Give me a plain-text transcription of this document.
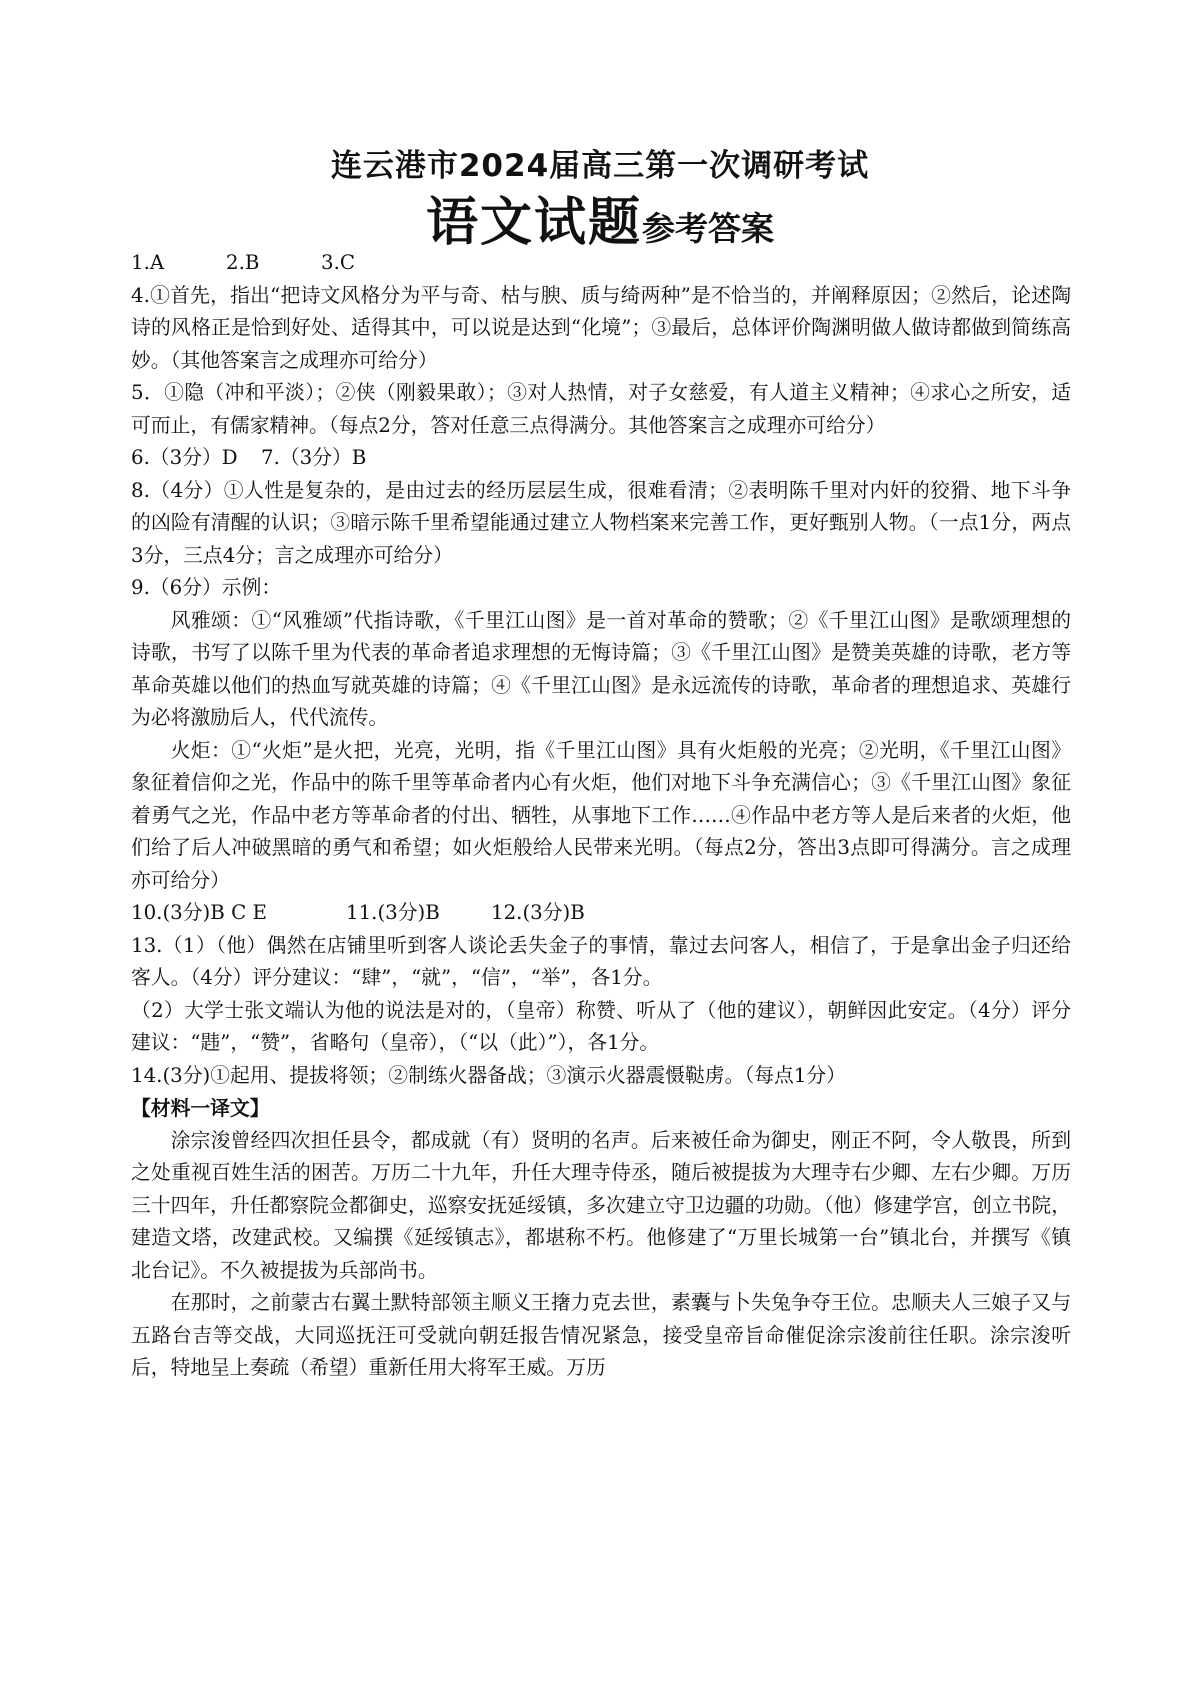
连云港市2024届高三第一次调研考试
语文试题参考答案
1.A	2.B	3.C

4.①首先，指出“把诗文风格分为平与奇、枯与腴、质与绮两种”是不恰当的，并阐释原因；②然后，论述陶诗的风格正是恰到好处、适得其中，可以说是达到“化境”；③最后，总体评价陶渊明做人做诗都做到简练高妙。（其他答案言之成理亦可给分）

5．①隐（冲和平淡）；②侠（刚毅果敢）；③对人热情，对子女慈爱，有人道主义精神；④求心之所安，适可而止，有儒家精神。（每点2分，答对任意三点得满分。其他答案言之成理亦可给分）

6.（3分）D	7.（3分）B

8.（4分）①人性是复杂的，是由过去的经历层层生成，很难看清；②表明陈千里对内奸的狡猾、地下斗争的凶险有清醒的认识；③暗示陈千里希望能通过建立人物档案来完善工作，更好甄别人物。（一点1分，两点3分，三点4分；言之成理亦可给分）

9.（6分）示例：

风雅颂：①“风雅颂”代指诗歌，《千里江山图》是一首对革命的赞歌；②《千里江山图》是歌颂理想的诗歌，书写了以陈千里为代表的革命者追求理想的无悔诗篇；③《千里江山图》是赞美英雄的诗歌，老方等革命英雄以他们的热血写就英雄的诗篇；④《千里江山图》是永远流传的诗歌，革命者的理想追求、英雄行为必将激励后人，代代流传。

火炬：①“火炬”是火把，光亮，光明，指《千里江山图》具有火炬般的光亮；②光明，《千里江山图》象征着信仰之光，作品中的陈千里等革命者内心有火炬，他们对地下斗争充满信心；③《千里江山图》象征着勇气之光，作品中老方等革命者的付出、牺牲，从事地下工作……④作品中老方等人是后来者的火炬，他们给了后人冲破黑暗的勇气和希望；如火炬般给人民带来光明。（每点2分，答出3点即可得满分。言之成理亦可给分）

10.(3分)B C E	11.(3分)B	12.(3分)B

13.（1）（他）偶然在店铺里听到客人谈论丢失金子的事情，靠过去问客人，相信了，于是拿出金子归还给客人。（4分）评分建议：“肆”，“就”，“信”，“举”，各1分。

（2）大学士张文端认为他的说法是对的，（皇帝）称赞、听从了（他的建议），朝鲜因此安定。（4分）评分建议：“韪”，“赞”，省略句（皇帝），（“以（此）”），各1分。

14.(3分)①起用、提拔将领；②制练火器备战；③演示火器震慑鞑虏。（每点1分）

【材料一译文】

涂宗浚曾经四次担任县令，都成就（有）贤明的名声。后来被任命为御史，刚正不阿，令人敬畏，所到之处重视百姓生活的困苦。万历二十九年，升任大理寺侍丞，随后被提拔为大理寺右少卿、左右少卿。万历三十四年，升任都察院佥都御史，巡察安抚延绥镇，多次建立守卫边疆的功勋。（他）修建学宫，创立书院，建造文塔，改建武校。又编撰《延绥镇志》，都堪称不朽。他修建了“万里长城第一台”镇北台，并撰写《镇北台记》。不久被提拔为兵部尚书。

在那时，之前蒙古右翼土默特部领主顺义王撦力克去世，素囊与卜失兔争夺王位。忠顺夫人三娘子又与五路台吉等交战，大同巡抚汪可受就向朝廷报告情况紧急，接受皇帝旨命催促涂宗浚前往任职。涂宗浚听后，特地呈上奏疏（希望）重新任用大将军王威。万历
